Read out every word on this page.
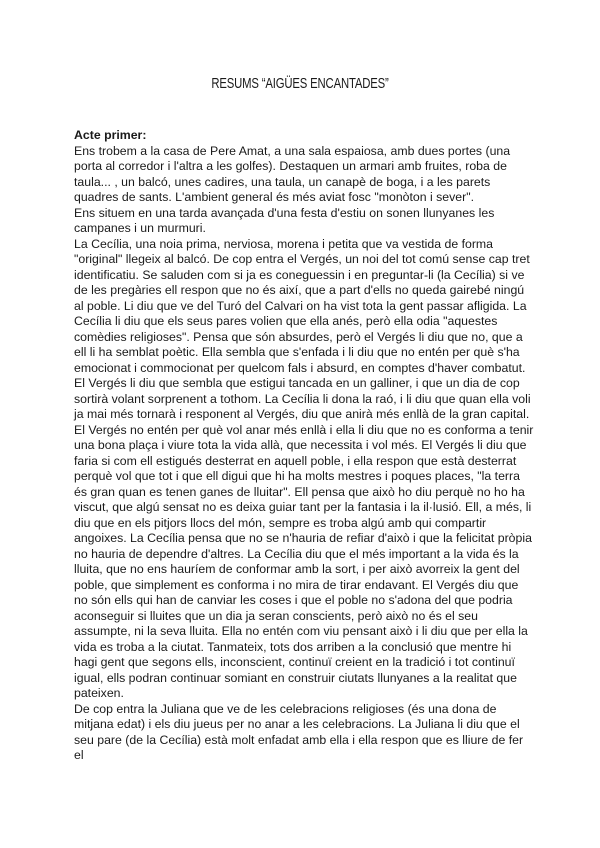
RESUMS “AIGÜES ENCANTADES”

Acte primer:

Ens trobem a la casa de Pere Amat, a una sala espaiosa, amb dues portes (una porta al corredor i l'altra a les golfes). Destaquen un armari amb fruites, roba de taula... , un balcó, unes cadires, una taula, un canapè de boga, i a les parets quadres de sants. L'ambient general és més aviat fosc "monòton i sever".

Ens situem en una tarda avançada d'una festa d'estiu on sonen llunyanes les campanes i un murmuri.

La Cecília, una noia prima, nerviosa, morena i petita que va vestida de forma "original" llegeix al balcó. De cop entra el Vergés, un noi del tot comú sense cap tret identificatiu. Se saluden com si ja es coneguessin i en preguntar-li (la Cecília) si ve de les pregàries ell respon que no és així, que a part d'ells no queda gairebé ningú al poble. Li diu que ve del Turó del Calvari on ha vist tota la gent passar afligida. La Cecília li diu que els seus pares volien que ella anés, però ella odia "aquestes comèdies religioses". Pensa que són absurdes, però el Vergés li diu que no, que a ell li ha semblat poètic. Ella sembla que s'enfada i li diu que no entén per què s'ha emocionat i commocionat per quelcom fals i absurd, en comptes d'haver combatut. El Vergés li diu que sembla que estigui tancada en un galliner, i que un dia de cop sortirà volant sorprenent a tothom. La Cecília li dona la raó, i li diu que quan ella voli ja mai més tornarà i responent al Vergés, diu que anirà més enllà de la gran capital. El Vergés no entén per què vol anar més enllà i ella li diu que no es conforma a tenir una bona plaça i viure tota la vida allà, que necessita i vol més. El Vergés li diu que faria si com ell estigués desterrat en aquell poble, i ella respon que està desterrat perquè vol que tot i que ell digui que hi ha molts mestres i poques places, "la terra és gran quan es tenen ganes de lluitar". Ell pensa que això ho diu perquè no ho ha viscut, que algú sensat no es deixa guiar tant per la fantasia i la il·lusió. Ell, a més, li diu que en els pitjors llocs del món, sempre es troba algú amb qui compartir angoixes. La Cecília pensa que no se n'hauria de refiar d'això i que la felicitat pròpia no hauria de dependre d'altres. La Cecília diu que el més important a la vida és la lluita, que no ens hauríem de conformar amb la sort, i per això avorreix la gent del poble, que simplement es conforma i no mira de tirar endavant. El Vergés diu que no són ells qui han de canviar les coses i que el poble no s'adona del que podria aconseguir si lluites que un dia ja seran conscients, però això no és el seu assumpte, ni la seva lluita. Ella no entén com viu pensant això i li diu que per ella la vida es troba a la ciutat. Tanmateix, tots dos arriben a la conclusió que mentre hi hagi gent que segons ells, inconscient, continuï creient en la tradició i tot continuï igual, ells podran continuar somiant en construir ciutats llunyanes a la realitat que pateixen.

De cop entra la Juliana que ve de les celebracions religioses (és una dona de mitjana edat) i els diu jueus per no anar a les celebracions. La Juliana li diu que el seu pare (de la Cecília) està molt enfadat amb ella i ella respon que es lliure de fer el
